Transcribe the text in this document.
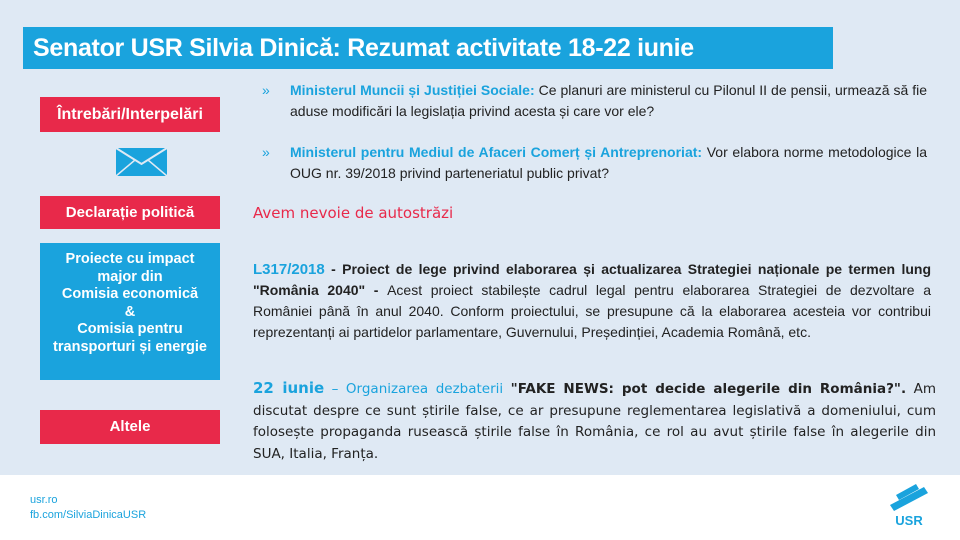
Senator USR Silvia Dinică: Rezumat activitate 18-22 iunie
Întrebări/Interpelări
Declarație politică
Proiecte cu impact
major din
Comisia economică
&
Comisia pentru
transporturi și energie
Altele
» Ministerul Muncii și Justiției Sociale: Ce planuri are ministerul cu Pilonul II de pensii, urmează să fie aduse modificări la legislația privind acesta și care vor ele?
» Ministerul pentru Mediul de Afaceri Comerț și Antreprenoriat: Vor elabora norme metodologice la OUG nr. 39/2018 privind parteneriatul public privat?
Avem nevoie de autostrăzi
L317/2018 - Proiect de lege privind elaborarea și actualizarea Strategiei naționale pe termen lung "România 2040" - Acest proiect stabilește cadrul legal pentru elaborarea Strategiei de dezvoltare a României până în anul 2040. Conform proiectului, se presupune că la elaborarea acesteia vor contribui reprezentanți ai partidelor parlamentare, Guvernului, Președinției, Academia Română, etc.
22 iunie – Organizarea dezbaterii "FAKE NEWS: pot decide alegerile din România?". Am discutat despre ce sunt știrile false, ce ar presupune reglementarea legislativă a domeniului, cum folosește propaganda rusească știrile false în România, ce rol au avut știrile false în alegerile din SUA, Italia, Franța.
usr.ro
fb.com/SilviaDinicaUSR	USR
